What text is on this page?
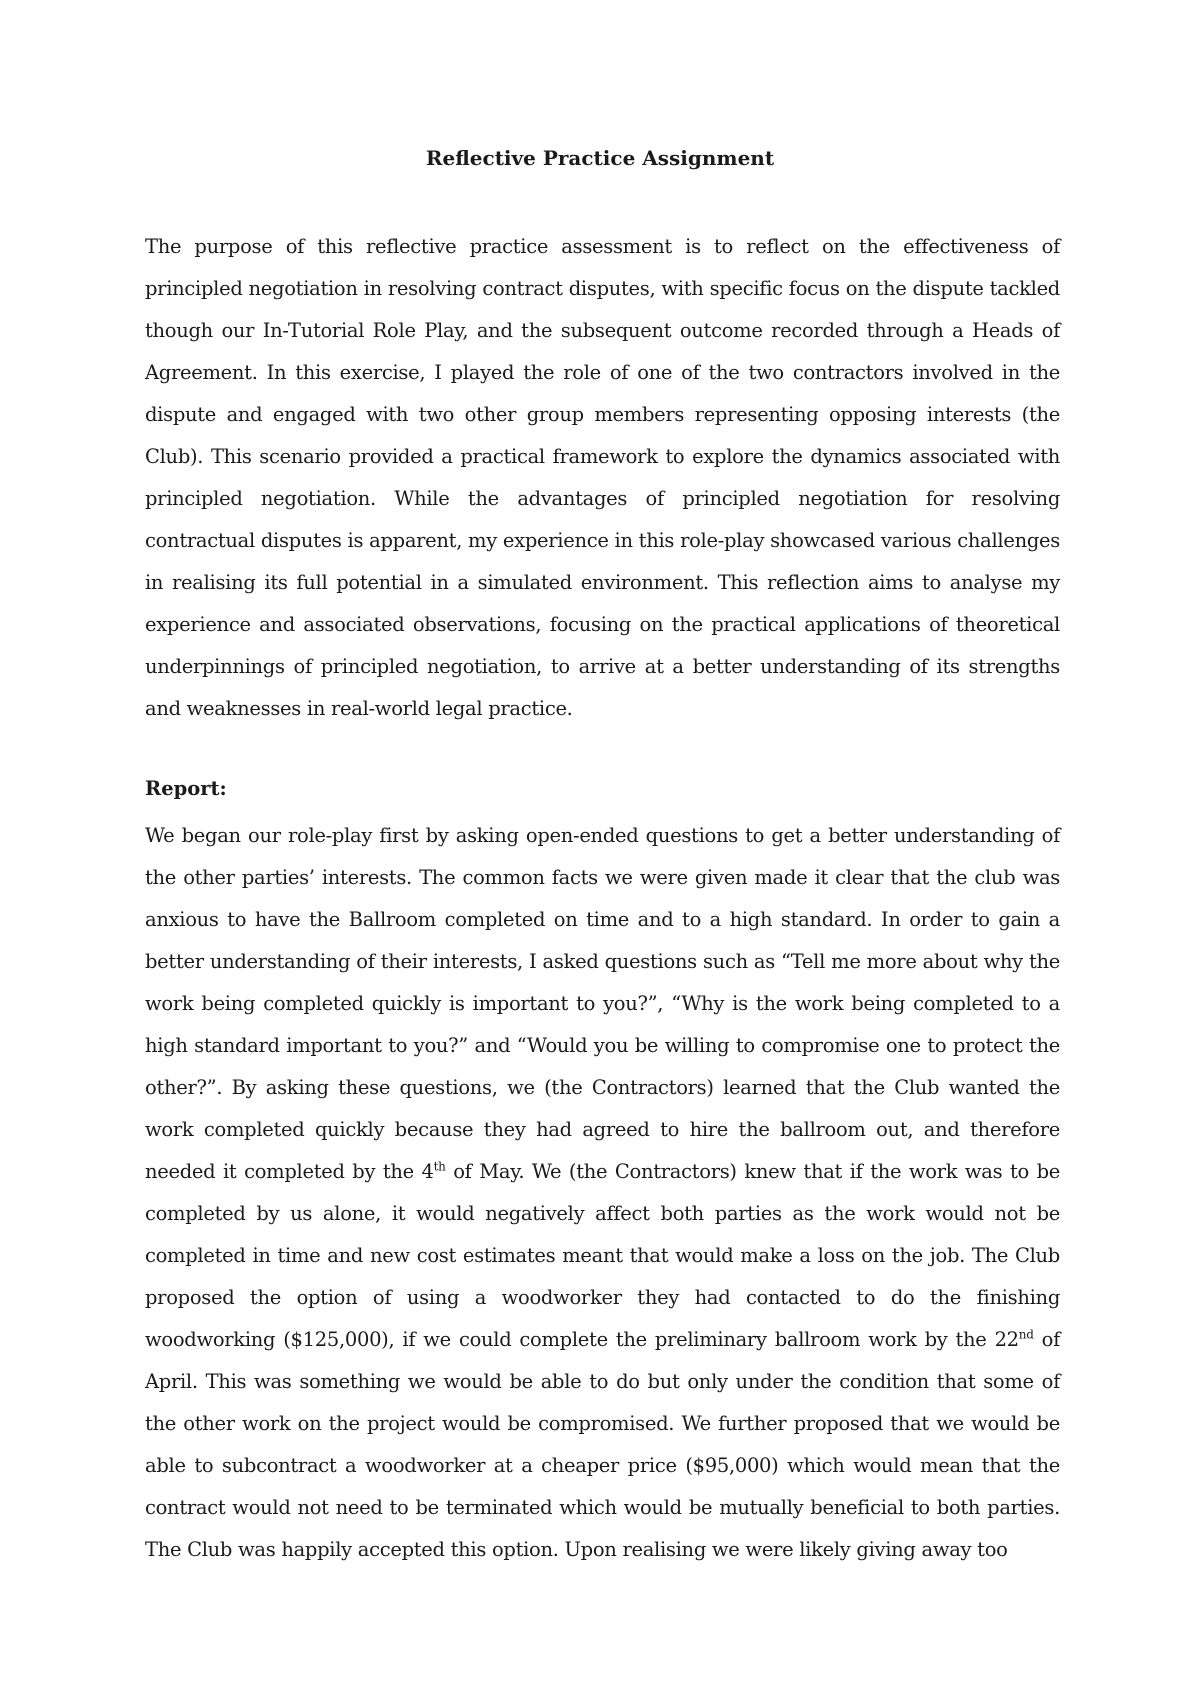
Reflective Practice Assignment

The purpose of this reflective practice assessment is to reflect on the effectiveness of principled negotiation in resolving contract disputes, with specific focus on the dispute tackled though our In-Tutorial Role Play, and the subsequent outcome recorded through a Heads of Agreement. In this exercise, I played the role of one of the two contractors involved in the dispute and engaged with two other group members representing opposing interests (the Club). This scenario provided a practical framework to explore the dynamics associated with principled negotiation. While the advantages of principled negotiation for resolving contractual disputes is apparent, my experience in this role-play showcased various challenges in realising its full potential in a simulated environment. This reflection aims to analyse my experience and associated observations, focusing on the practical applications of theoretical underpinnings of principled negotiation, to arrive at a better understanding of its strengths and weaknesses in real-world legal practice.

Report:

We began our role-play first by asking open-ended questions to get a better understanding of the other parties’ interests. The common facts we were given made it clear that the club was anxious to have the Ballroom completed on time and to a high standard. In order to gain a better understanding of their interests, I asked questions such as “Tell me more about why the work being completed quickly is important to you?”, “Why is the work being completed to a high standard important to you?” and “Would you be willing to compromise one to protect the other?”. By asking these questions, we (the Contractors) learned that the Club wanted the work completed quickly because they had agreed to hire the ballroom out, and therefore needed it completed by the 4th of May. We (the Contractors) knew that if the work was to be completed by us alone, it would negatively affect both parties as the work would not be completed in time and new cost estimates meant that would make a loss on the job. The Club proposed the option of using a woodworker they had contacted to do the finishing woodworking ($125,000), if we could complete the preliminary ballroom work by the 22nd of April. This was something we would be able to do but only under the condition that some of the other work on the project would be compromised. We further proposed that we would be able to subcontract a woodworker at a cheaper price ($95,000) which would mean that the contract would not need to be terminated which would be mutually beneficial to both parties. The Club was happily accepted this option. Upon realising we were likely giving away too
